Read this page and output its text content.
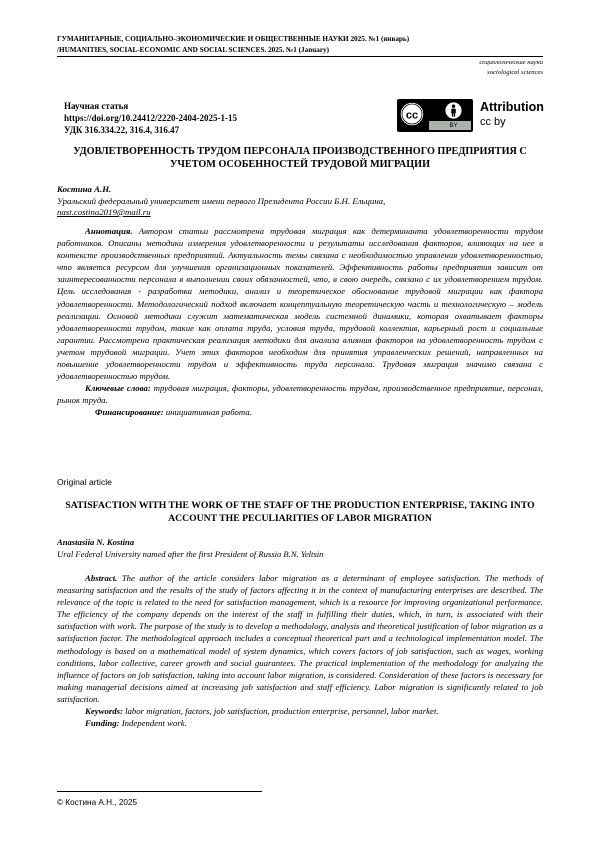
ГУМАНИТАРНЫЕ, СОЦИАЛЬНО-ЭКОНОМИЧЕСКИЕ И ОБЩЕСТВЕННЫЕ НАУКИ 2025. №1 (январь)
/HUMANITIES, SOCIAL-ECONOMIC AND SOCIAL SCIENCES. 2025. №1 (January)
социологические науки
sociological sciences
Научная статья
https://doi.org/10.24412/2220-2404-2025-1-15
УДК 316.334.22, 316.4, 316.47
cc
BY
Attribution
cc by
УДОВЛЕТВОРЕННОСТЬ ТРУДОМ ПЕРСОНАЛА ПРОИЗВОДСТВЕННОГО ПРЕДПРИЯТИЯ С УЧЕТОМ ОСОБЕННОСТЕЙ ТРУДОВОЙ МИГРАЦИИ
Костина А.Н.
Уральский федеральный университет имени первого Президента России Б.Н. Ельцина,
nast.costina2019@mail.ru
Аннотация. Автором статьи рассмотрена трудовая миграция как детерминанта удовлетворенности трудом работников. Описаны методики измерения удовлетворенности и результаты исследования факторов, влияющих на нее в контексте производственных предприятий. Актуальность темы связана с необходимостью управления удовлетворенностью, что является ресурсом для улучшения организационных показателей. Эффективность работы предприятия зависит от заинтересованности персонала в выполнении своих обязанностей, что, в свою очередь, связано с их удовлетворением трудом. Цель исследования - разработка методики, анализ и теоретическое обоснование трудовой миграции как фактора удовлетворенности. Методологический подход включает концептуальную теоретическую часть и технологическую – модель реализации. Основой методики служит математическая модель системной динамики, которая охватывает факторы удовлетворенности трудом, такие как оплата труда, условия труда, трудовой коллектив, карьерный рост и социальные гарантии. Рассмотрена практическая реализация методики для анализа влияния факторов на удовлетворенность трудом с учетом трудовой миграции. Учет этих факторов необходим для принятия управленческих решений, направленных на повышение удовлетворенности трудом и эффективность труда персонала. Трудовая миграция значимо связана с удовлетворенностью трудом.
Ключевые слова: трудовая миграция, факторы, удовлетворенность трудом, производственное предприятие, персонал, рынок труда.
Финансирование: инициативная работа.
Original article
SATISFACTION WITH THE WORK OF THE STAFF OF THE PRODUCTION ENTERPRISE, TAKING INTO ACCOUNT THE PECULIARITIES OF LABOR MIGRATION
Anastasiia N. Kostina
Ural Federal University named after the first President of Russia B.N. Yeltsin
Abstract. The author of the article considers labor migration as a determinant of employee satisfaction. The methods of measuring satisfaction and the results of the study of factors affecting it in the context of manufacturing enterprises are described. The relevance of the topic is related to the need for satisfaction management, which is a resource for improving organizational performance. The efficiency of the company depends on the interest of the staff in fulfilling their duties, which, in turn, is associated with their satisfaction with work. The purpose of the study is to develop a methodology, analysis and theoretical justification of labor migration as a satisfaction factor. The methodological approach includes a conceptual theoretical part and a technological implementation model. The methodology is based on a mathematical model of system dynamics, which covers factors of job satisfaction, such as wages, working conditions, labor collective, career growth and social guarantees. The practical implementation of the methodology for analyzing the influence of factors on job satisfaction, taking into account labor migration, is considered. Consideration of these factors is necessary for making managerial decisions aimed at increasing job satisfaction and staff efficiency. Labor migration is significantly related to job satisfaction.
Keywords: labor migration, factors, job satisfaction, production enterprise, personnel, labor market.
Funding: Independent work.
© Костина А.Н., 2025
